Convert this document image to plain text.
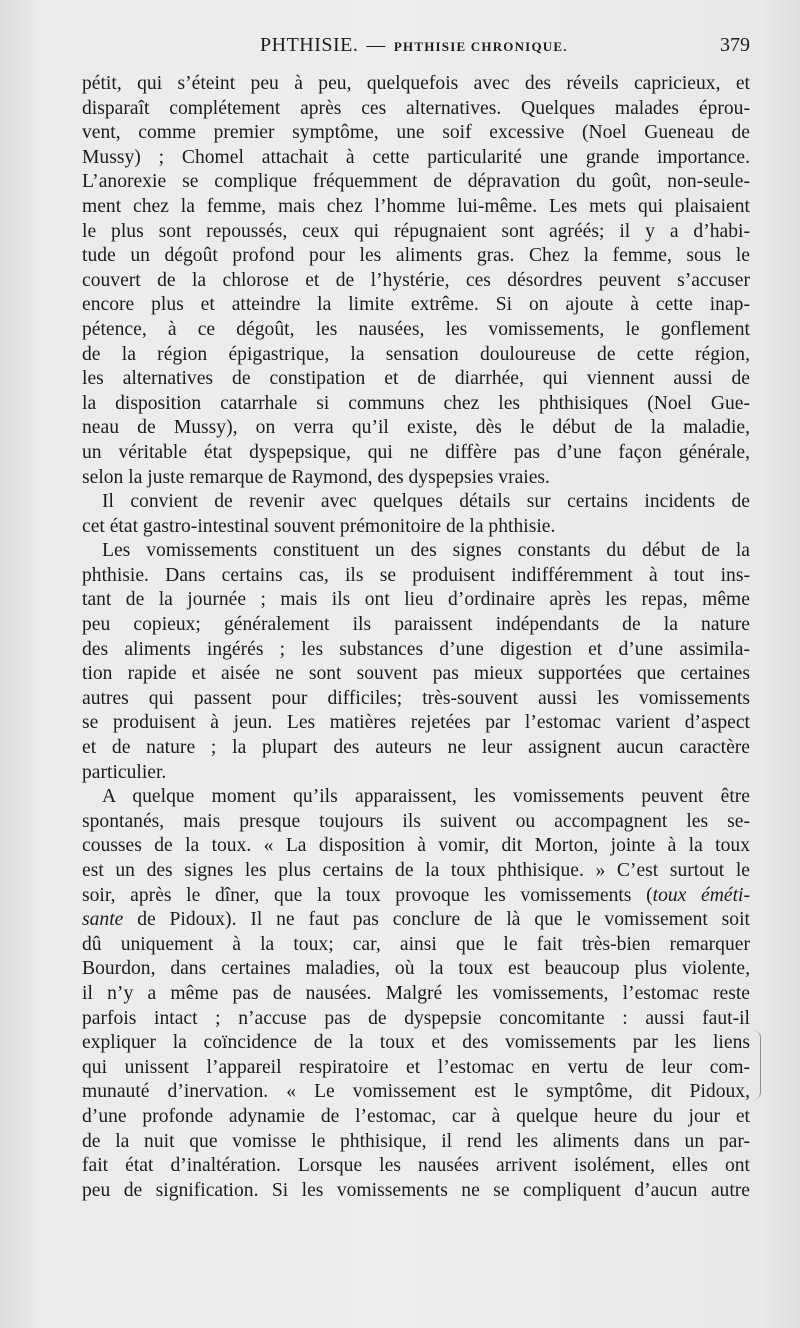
PHTHISIE. — PHTHISIE CHRONIQUE.	379
pétit, qui s’éteint peu à peu, quelquefois avec des réveils capricieux, et
disparaît complétement après ces alternatives. Quelques malades éprou-
vent, comme premier symptôme, une soif excessive (Noel Gueneau de
Mussy) ; Chomel attachait à cette particularité une grande importance.
L’anorexie se complique fréquemment de dépravation du goût, non-seule-
ment chez la femme, mais chez l’homme lui-même. Les mets qui plaisaient
le plus sont repoussés, ceux qui répugnaient sont agréés; il y a d’habi-
tude un dégoût profond pour les aliments gras. Chez la femme, sous le
couvert de la chlorose et de l’hystérie, ces désordres peuvent s’accuser
encore plus et atteindre la limite extrême. Si on ajoute à cette inap-
pétence, à ce dégoût, les nausées, les vomissements, le gonflement
de la région épigastrique, la sensation douloureuse de cette région,
les alternatives de constipation et de diarrhée, qui viennent aussi de
la disposition catarrhale si communs chez les phthisiques (Noel Gue-
neau de Mussy), on verra qu’il existe, dès le début de la maladie,
un véritable état dyspepsique, qui ne diffère pas d’une façon générale,
selon la juste remarque de Raymond, des dyspepsies vraies.
Il convient de revenir avec quelques détails sur certains incidents de
cet état gastro-intestinal souvent prémonitoire de la phthisie.
Les vomissements constituent un des signes constants du début de la
phthisie. Dans certains cas, ils se produisent indifféremment à tout ins-
tant de la journée ; mais ils ont lieu d’ordinaire après les repas, même
peu copieux; généralement ils paraissent indépendants de la nature
des aliments ingérés ; les substances d’une digestion et d’une assimila-
tion rapide et aisée ne sont souvent pas mieux supportées que certaines
autres qui passent pour difficiles; très-souvent aussi les vomissements
se produisent à jeun. Les matières rejetées par l’estomac varient d’aspect
et de nature ; la plupart des auteurs ne leur assignent aucun caractère
particulier.
A quelque moment qu’ils apparaissent, les vomissements peuvent être
spontanés, mais presque toujours ils suivent ou accompagnent les se-
cousses de la toux. « La disposition à vomir, dit Morton, jointe à la toux
est un des signes les plus certains de la toux phthisique. » C’est surtout le
soir, après le dîner, que la toux provoque les vomissements (toux éméti-
sante de Pidoux). Il ne faut pas conclure de là que le vomissement soit
dû uniquement à la toux; car, ainsi que le fait très-bien remarquer
Bourdon, dans certaines maladies, où la toux est beaucoup plus violente,
il n’y a même pas de nausées. Malgré les vomissements, l’estomac reste
parfois intact ; n’accuse pas de dyspepsie concomitante : aussi faut-il
expliquer la coïncidence de la toux et des vomissements par les liens
qui unissent l’appareil respiratoire et l’estomac en vertu de leur com-
munauté d’inervation. « Le vomissement est le symptôme, dit Pidoux,
d’une profonde adynamie de l’estomac, car à quelque heure du jour et
de la nuit que vomisse le phthisique, il rend les aliments dans un par-
fait état d’inaltération. Lorsque les nausées arrivent isolément, elles ont
peu de signification. Si les vomissements ne se compliquent d’aucun autre
